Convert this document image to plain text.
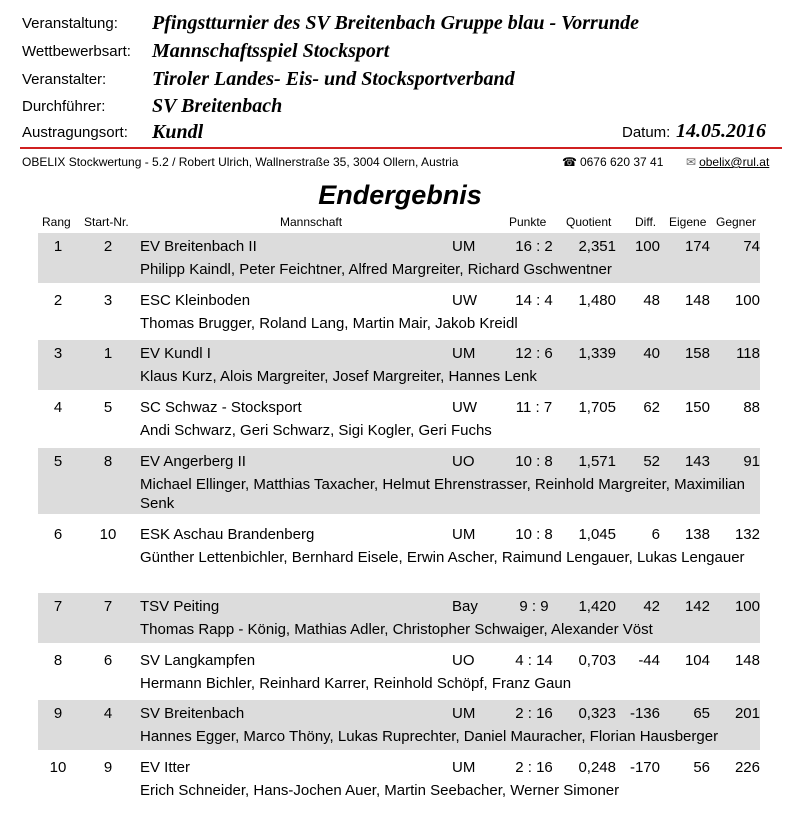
Veranstaltung: Pfingstturnier des SV Breitenbach Gruppe blau - Vorrunde
Wettbewerbsart: Mannschaftsspiel Stocksport
Veranstalter: Tiroler Landes- Eis- und Stocksportverband
Durchführer: SV Breitenbach
Austragungsort: Kundl	Datum: 14.05.2016
OBELIX Stockwertung - 5.2 / Robert Ulrich, Wallnerstraße 35, 3004 Ollern, Austria	☎ 0676 620 37 41 ✉ obelix@rul.at
Endergebnis
Rang Start-Nr.	Mannschaft	Punkte Quotient Diff. Eigene Gegner
1	2	EV Breitenbach II	UM	16 : 2	2,351	100	174	74
Philipp Kaindl, Peter Feichtner, Alfred Margreiter, Richard Gschwentner
2	3	ESC Kleinboden	UW	14 : 4	1,480	48	148	100
Thomas Brugger, Roland Lang, Martin Mair, Jakob Kreidl
3	1	EV Kundl I	UM	12 : 6	1,339	40	158	118
Klaus Kurz, Alois Margreiter, Josef Margreiter, Hannes Lenk
4	5	SC Schwaz - Stocksport	UW	11 : 7	1,705	62	150	88
Andi Schwarz, Geri Schwarz, Sigi Kogler, Geri Fuchs
5	8	EV Angerberg II	UO	10 : 8	1,571	52	143	91
Michael Ellinger, Matthias Taxacher, Helmut Ehrenstrasser, Reinhold Margreiter, Maximilian Senk
6	10	ESK Aschau Brandenberg	UM	10 : 8	1,045	6	138	132
Günther Lettenbichler, Bernhard Eisele, Erwin Ascher, Raimund Lengauer, Lukas Lengauer
7	7	TSV Peiting	Bay	9 : 9	1,420	42	142	100
Thomas Rapp - König, Mathias Adler, Christopher Schwaiger, Alexander Vöst
8	6	SV Langkampfen	UO	4 : 14	0,703	-44	104	148
Hermann Bichler, Reinhard Karrer, Reinhold Schöpf, Franz Gaun
9	4	SV Breitenbach	UM	2 : 16	0,323 -136	65	201
Hannes Egger, Marco Thöny, Lukas Ruprechter, Daniel Mauracher, Florian Hausberger
10	9	EV Itter	UM	2 : 16	0,248 -170	56	226
Erich Schneider, Hans-Jochen Auer, Martin Seebacher, Werner Simoner
